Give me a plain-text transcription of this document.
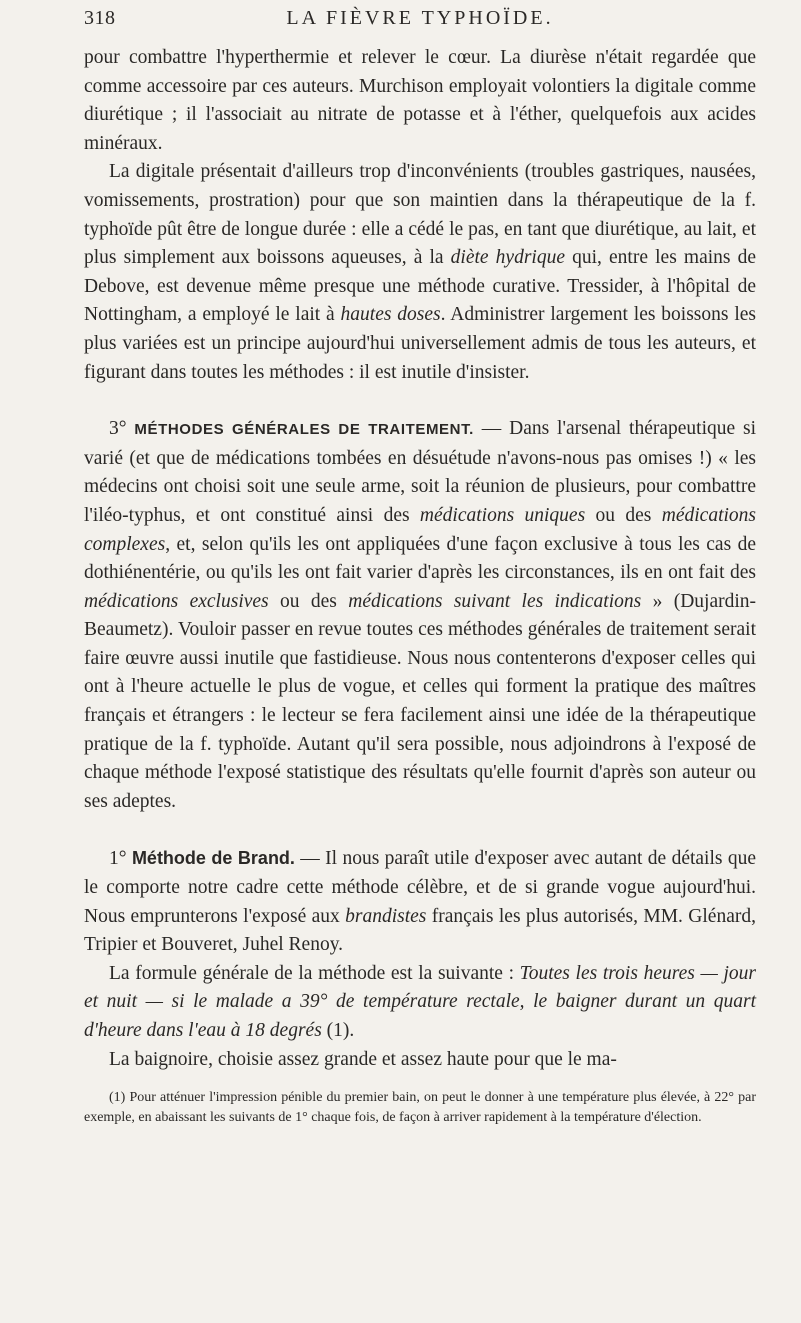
318	LA FIÈVRE TYPHOÏDE.

pour combattre l'hyperthermie et relever le cœur. La diurèse n'était regardée que comme accessoire par ces auteurs. Murchison employait volontiers la digitale comme diurétique ; il l'associait au nitrate de potasse et à l'éther, quelquefois aux acides minéraux.

La digitale présentait d'ailleurs trop d'inconvénients (troubles gastriques, nausées, vomissements, prostration) pour que son maintien dans la thérapeutique de la f. typhoïde pût être de longue durée : elle a cédé le pas, en tant que diurétique, au lait, et plus simplement aux boissons aqueuses, à la diète hydrique qui, entre les mains de Debove, est devenue même presque une méthode curative. Tressider, à l'hôpital de Nottingham, a employé le lait à hautes doses. Administrer largement les boissons les plus variées est un principe aujourd'hui universellement admis de tous les auteurs, et figurant dans toutes les méthodes : il est inutile d'insister.

3° MÉTHODES GÉNÉRALES DE TRAITEMENT. — Dans l'arsenal thérapeutique si varié (et que de médications tombées en désuétude n'avons-nous pas omises !) « les médecins ont choisi soit une seule arme, soit la réunion de plusieurs, pour combattre l'iléo-typhus, et ont constitué ainsi des médications uniques ou des médications complexes, et, selon qu'ils les ont appliquées d'une façon exclusive à tous les cas de dothiénentérie, ou qu'ils les ont fait varier d'après les circonstances, ils en ont fait des médications exclusives ou des médications suivant les indications » (Dujardin-Beaumetz). Vouloir passer en revue toutes ces méthodes générales de traitement serait faire œuvre aussi inutile que fastidieuse. Nous nous contenterons d'exposer celles qui ont à l'heure actuelle le plus de vogue, et celles qui forment la pratique des maîtres français et étrangers : le lecteur se fera facilement ainsi une idée de la thérapeutique pratique de la f. typhoïde. Autant qu'il sera possible, nous adjoindrons à l'exposé de chaque méthode l'exposé statistique des résultats qu'elle fournit d'après son auteur ou ses adeptes.

1° Méthode de Brand. — Il nous paraît utile d'exposer avec autant de détails que le comporte notre cadre cette méthode célèbre, et de si grande vogue aujourd'hui. Nous emprunterons l'exposé aux brandistes français les plus autorisés, MM. Glénard, Tripier et Bouveret, Juhel Renoy.

La formule générale de la méthode est la suivante : Toutes les trois heures — jour et nuit — si le malade a 39° de température rectale, le baigner durant un quart d'heure dans l'eau à 18 degrés (1).

La baignoire, choisie assez grande et assez haute pour que le ma-

(1) Pour atténuer l'impression pénible du premier bain, on peut le donner à une température plus élevée, à 22° par exemple, en abaissant les suivants de 1° chaque fois, de façon à arriver rapidement à la température d'élection.
